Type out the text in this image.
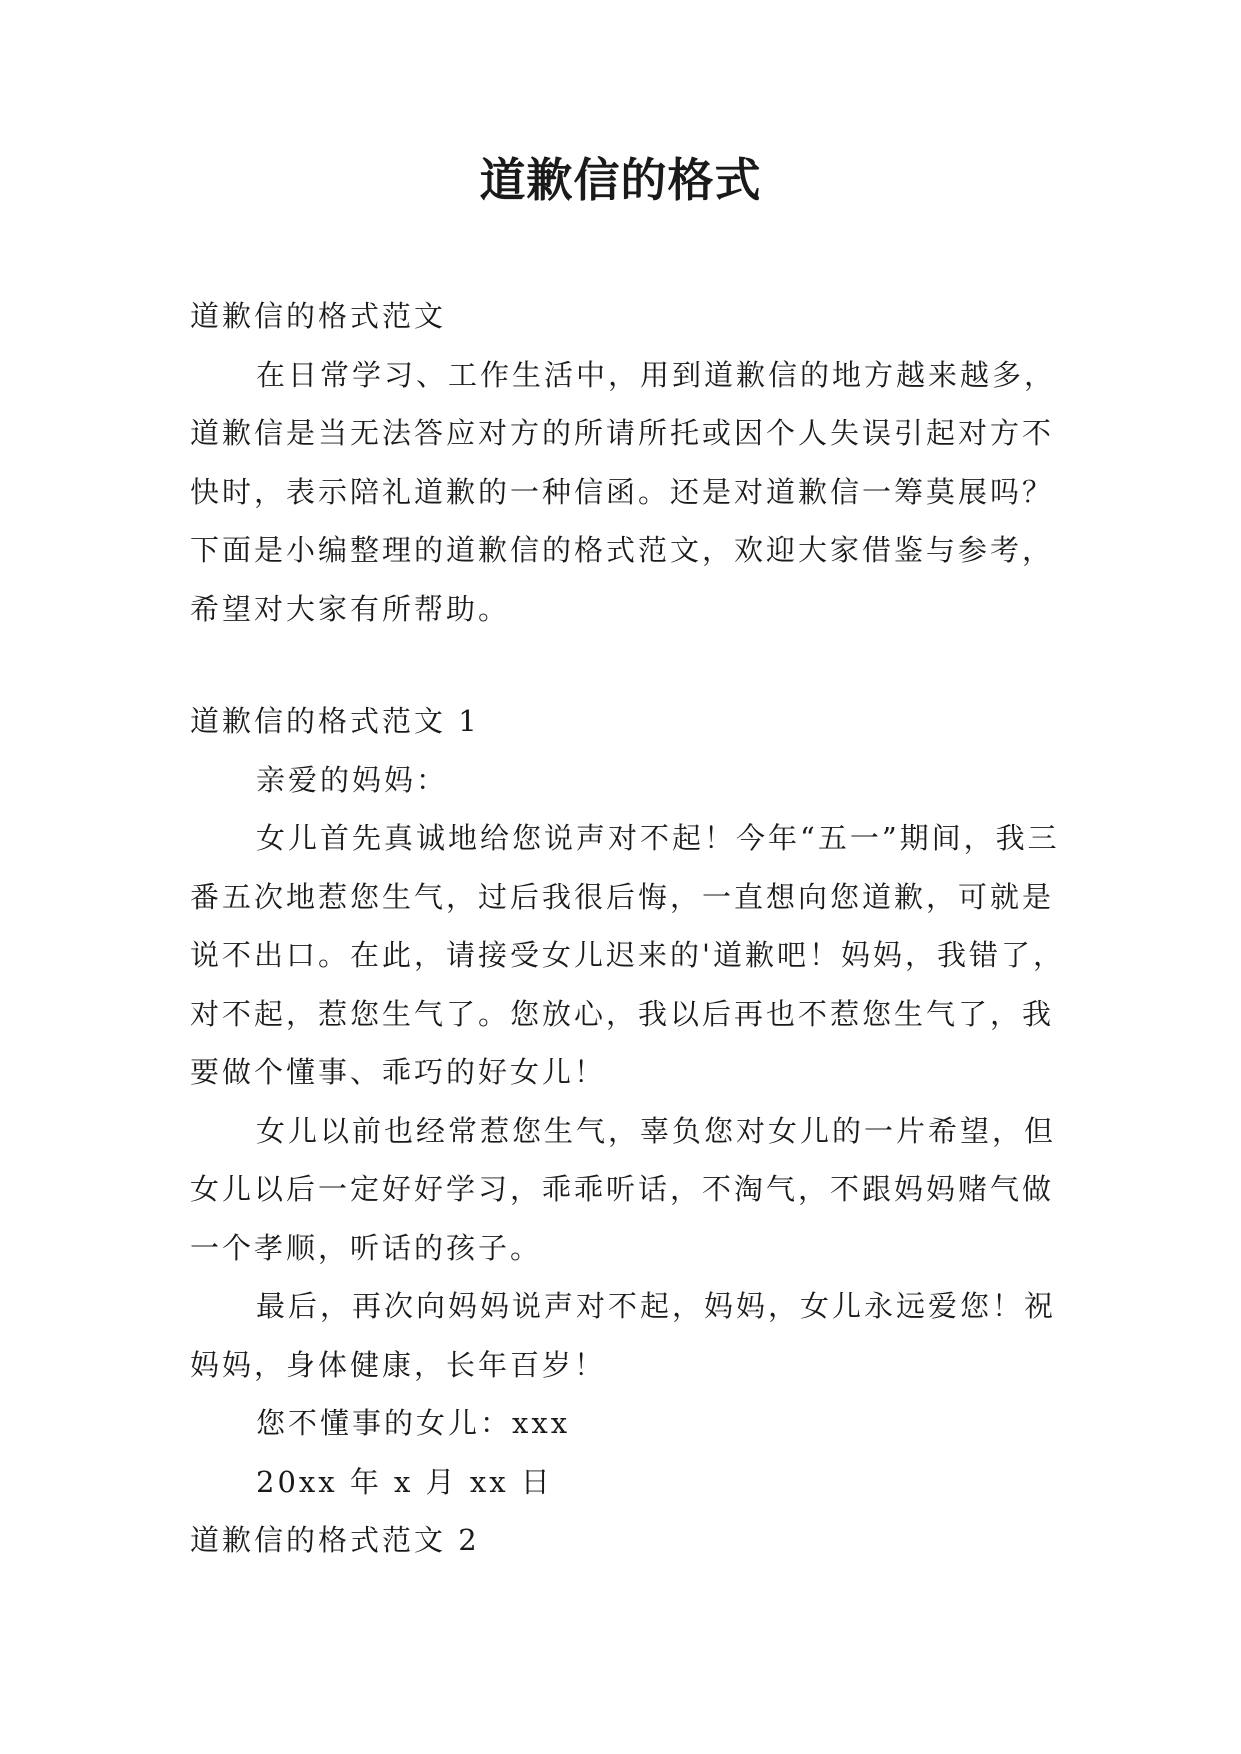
道歉信的格式

道歉信的格式范文

在日常学习、工作生活中，用到道歉信的地方越来越多，道歉信是当无法答应对方的所请所托或因个人失误引起对方不快时，表示陪礼道歉的一种信函。还是对道歉信一筹莫展吗？下面是小编整理的道歉信的格式范文，欢迎大家借鉴与参考，希望对大家有所帮助。

道歉信的格式范文 1

亲爱的妈妈：

女儿首先真诚地给您说声对不起！今年“五一”期间，我三番五次地惹您生气，过后我很后悔，一直想向您道歉，可就是说不出口。在此，请接受女儿迟来的'道歉吧！妈妈，我错了，对不起，惹您生气了。您放心，我以后再也不惹您生气了，我要做个懂事、乖巧的好女儿！

女儿以前也经常惹您生气，辜负您对女儿的一片希望，但女儿以后一定好好学习，乖乖听话，不淘气，不跟妈妈赌气做一个孝顺，听话的孩子。

最后，再次向妈妈说声对不起，妈妈，女儿永远爱您！祝妈妈，身体健康，长年百岁！

您不懂事的女儿：xxx

20xx 年 x 月 xx 日

道歉信的格式范文 2
